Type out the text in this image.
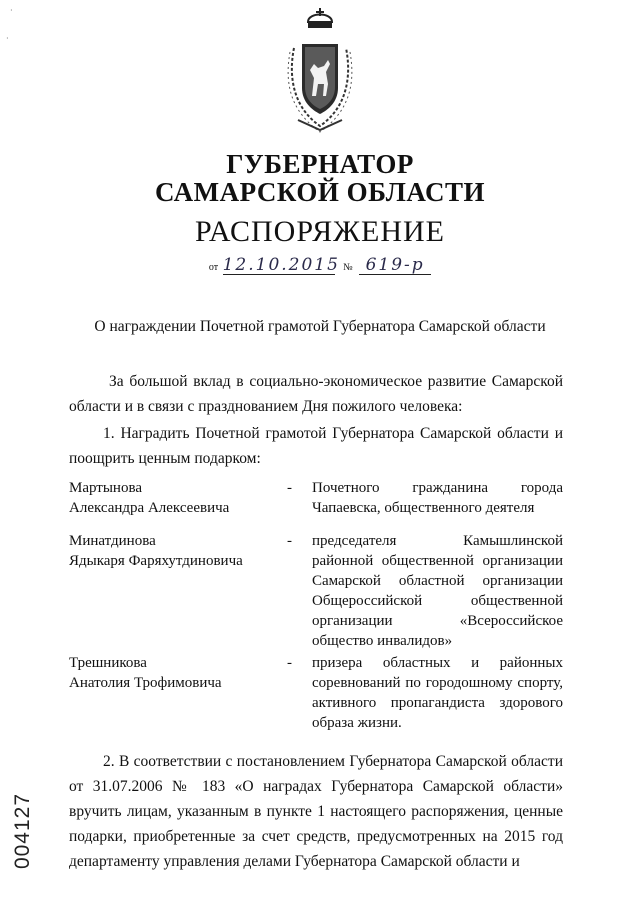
·
·
ГУБЕРНАТОР
САМАРСКОЙ ОБЛАСТИ
РАСПОРЯЖЕНИЕ
от 12.10.2015 № 619-р
О награждении Почетной грамотой Губернатора Самарской области
За большой вклад в социально-экономическое развитие Самарской области и в связи с празднованием Дня пожилого человека:
1. Наградить Почетной грамотой Губернатора Самарской области и поощрить ценным подарком:
Мартынова
Александра Алексеевича
- Почетного гражданина города Чапаевска, общественного деятеля
Минатдинова
Ядыкаря Фаряхутдиновича
- председателя Камышлинской районной общественной организации Самарской областной организации Общероссийской общественной организации «Всероссийское общество инвалидов»
Трешникова
Анатолия Трофимовича
- призера областных и районных соревнований по городошному спорту, активного пропагандиста здорового образа жизни.
2. В соответствии с постановлением Губернатора Самарской области от 31.07.2006 № 183 «О наградах Губернатора Самарской области» вручить лицам, указанным в пункте 1 настоящего распоряжения, ценные подарки, приобретенные за счет средств, предусмотренных на 2015 год департаменту управления делами Губернатора Самарской области и
004127
